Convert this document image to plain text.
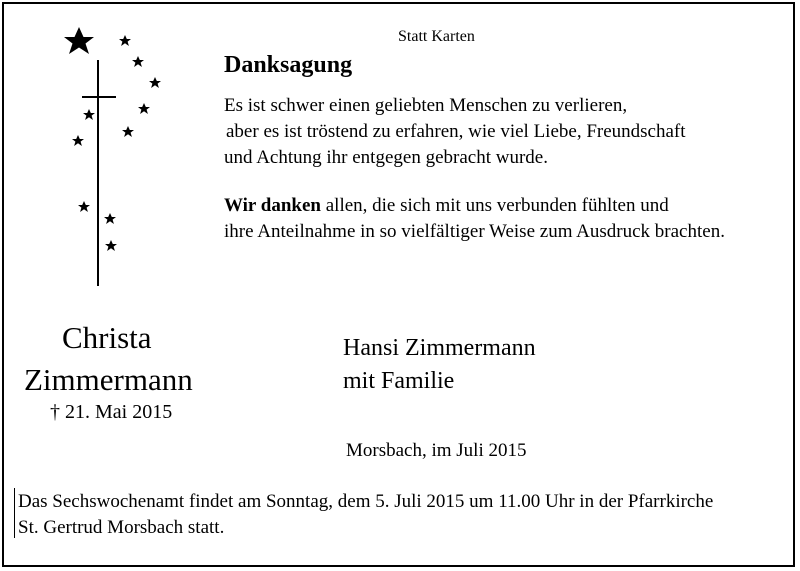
Statt Karten
Danksagung
Es ist schwer einen geliebten Menschen zu verlieren,
aber es ist tröstend zu erfahren, wie viel Liebe, Freundschaft
und Achtung ihr entgegen gebracht wurde.
Wir danken allen, die sich mit uns verbunden fühlten und
ihre Anteilnahme in so vielfältiger Weise zum Ausdruck brachten.
Christa
Zimmermann
† 21. Mai 2015
Hansi Zimmermann
mit Familie
Morsbach, im Juli 2015
Das Sechswochenamt findet am Sonntag, dem 5. Juli 2015 um 11.00 Uhr in der Pfarrkirche
St. Gertrud Morsbach statt.
